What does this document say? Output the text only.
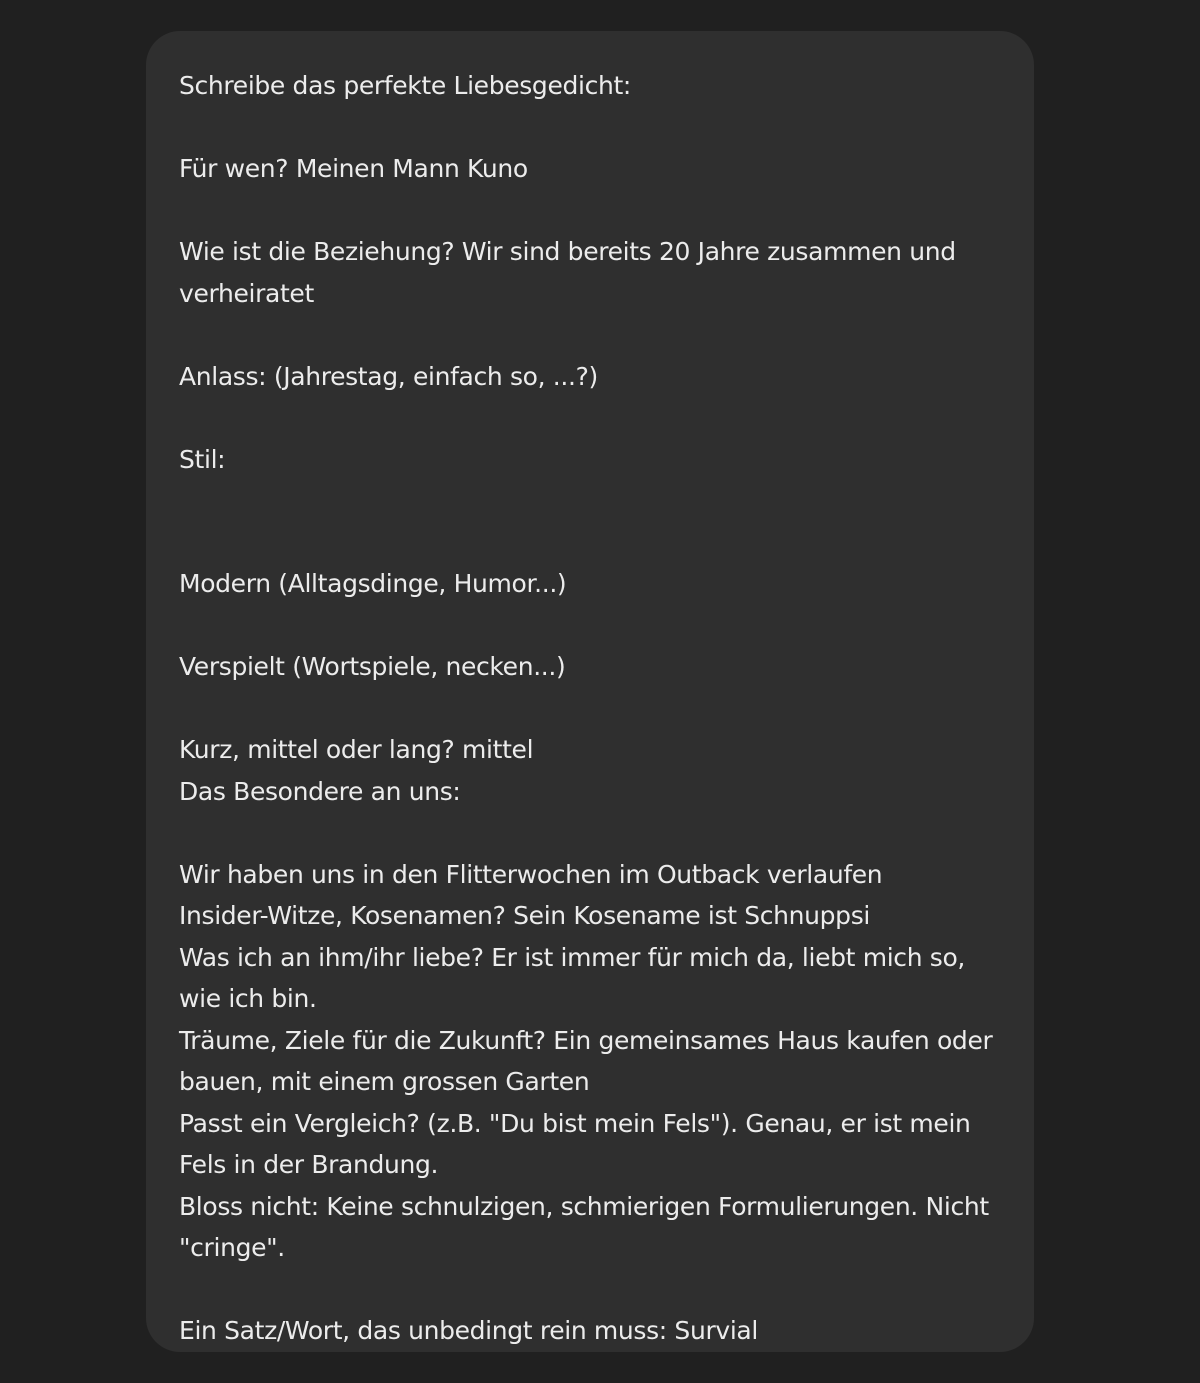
Schreibe das perfekte Liebesgedicht:
Für wen? Meinen Mann Kuno
Wie ist die Beziehung? Wir sind bereits 20 Jahre zusammen und
verheiratet
Anlass: (Jahrestag, einfach so, ...?)
Stil:
Modern (Alltagsdinge, Humor...)
Verspielt (Wortspiele, necken...)
Kurz, mittel oder lang? mittel
Das Besondere an uns:
Wir haben uns in den Flitterwochen im Outback verlaufen
Insider-Witze, Kosenamen? Sein Kosename ist Schnuppsi
Was ich an ihm/ihr liebe? Er ist immer für mich da, liebt mich so,
wie ich bin.
Träume, Ziele für die Zukunft? Ein gemeinsames Haus kaufen oder
bauen, mit einem grossen Garten
Passt ein Vergleich? (z.B. "Du bist mein Fels"). Genau, er ist mein
Fels in der Brandung.
Bloss nicht: Keine schnulzigen, schmierigen Formulierungen. Nicht
"cringe".
Ein Satz/Wort, das unbedingt rein muss: Survial
